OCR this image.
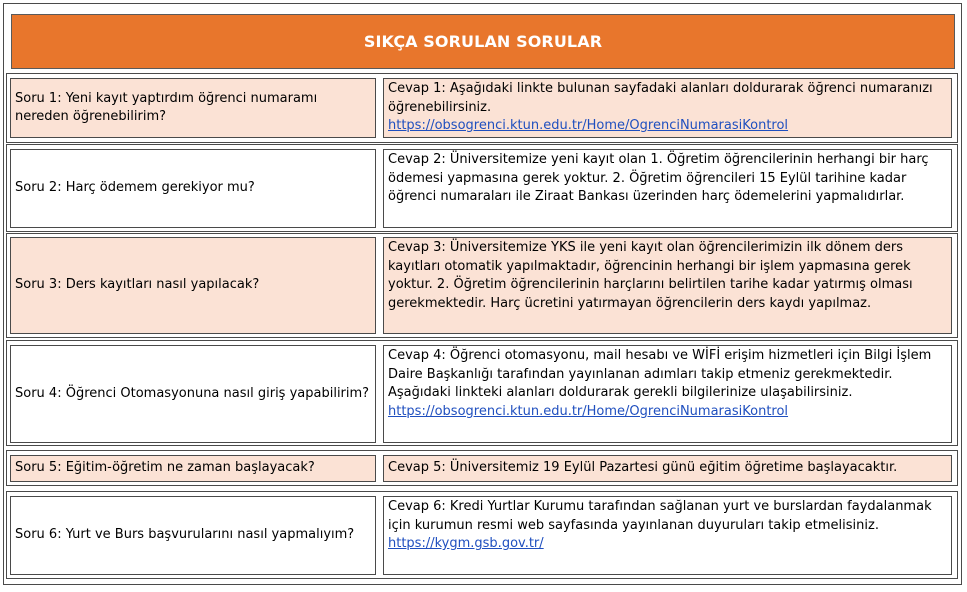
SIKÇA SORULAN SORULAR
Soru 1: Yeni kayıt yaptırdım öğrenci numaramı nereden öğrenebilirim?
Cevap 1: Aşağıdaki linkte bulunan sayfadaki alanları doldurarak öğrenci numaranızı öğrenebilirsiniz.
https://obsogrenci.ktun.edu.tr/Home/OgrenciNumarasiKontrol
Soru 2: Harç ödemem gerekiyor mu?
Cevap 2: Üniversitemize yeni kayıt olan 1. Öğretim öğrencilerinin herhangi bir harç ödemesi yapmasına gerek yoktur. 2. Öğretim öğrencileri 15 Eylül tarihine kadar öğrenci numaraları ile Ziraat Bankası üzerinden harç ödemelerini yapmalıdırlar.
Soru 3: Ders kayıtları nasıl yapılacak?
Cevap 3: Üniversitemize YKS ile yeni kayıt olan öğrencilerimizin ilk dönem ders kayıtları otomatik yapılmaktadır, öğrencinin herhangi bir işlem yapmasına gerek yoktur. 2. Öğretim öğrencilerinin harçlarını belirtilen tarihe kadar yatırmış olması gerekmektedir. Harç ücretini yatırmayan öğrencilerin ders kaydı yapılmaz.
Soru 4: Öğrenci Otomasyonuna nasıl giriş yapabilirim?
Cevap 4: Öğrenci otomasyonu, mail hesabı ve WİFİ erişim hizmetleri için Bilgi İşlem Daire Başkanlığı tarafından yayınlanan adımları takip etmeniz gerekmektedir. Aşağıdaki linkteki alanları doldurarak gerekli bilgilerinize ulaşabilirsiniz.
https://obsogrenci.ktun.edu.tr/Home/OgrenciNumarasiKontrol
Soru 5: Eğitim-öğretim ne zaman başlayacak?	Cevap 5: Üniversitemiz 19 Eylül Pazartesi günü eğitim öğretime başlayacaktır.
Soru 6: Yurt ve Burs başvurularını nasıl yapmalıyım?
Cevap 6: Kredi Yurtlar Kurumu tarafından sağlanan yurt ve burslardan faydalanmak için kurumun resmi web sayfasında yayınlanan duyuruları takip etmelisiniz.
https://kygm.gsb.gov.tr/
